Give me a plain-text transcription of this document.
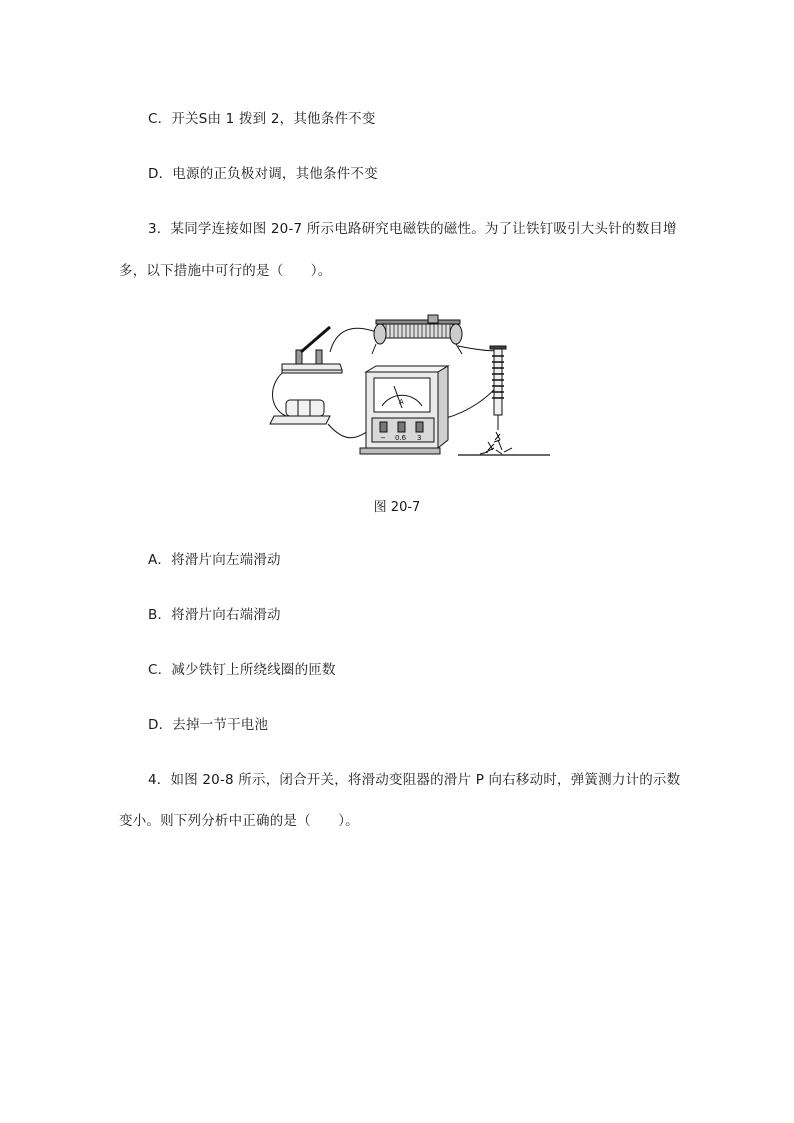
C．开关S由 1 拨到 2，其他条件不变
D．电源的正负极对调，其他条件不变
3．某同学连接如图 20-7 所示电路研究电磁铁的磁性。为了让铁钉吸引大头针的数目增
多，以下措施中可行的是（　　）。
− 0.6 3
A
图 20-7
A．将滑片向左端滑动
B．将滑片向右端滑动
C．减少铁钉上所绕线圈的匝数
D．去掉一节干电池
4．如图 20-8 所示，闭合开关，将滑动变阻器的滑片 P 向右移动时，弹簧测力计的示数
变小。则下列分析中正确的是（　　）。
